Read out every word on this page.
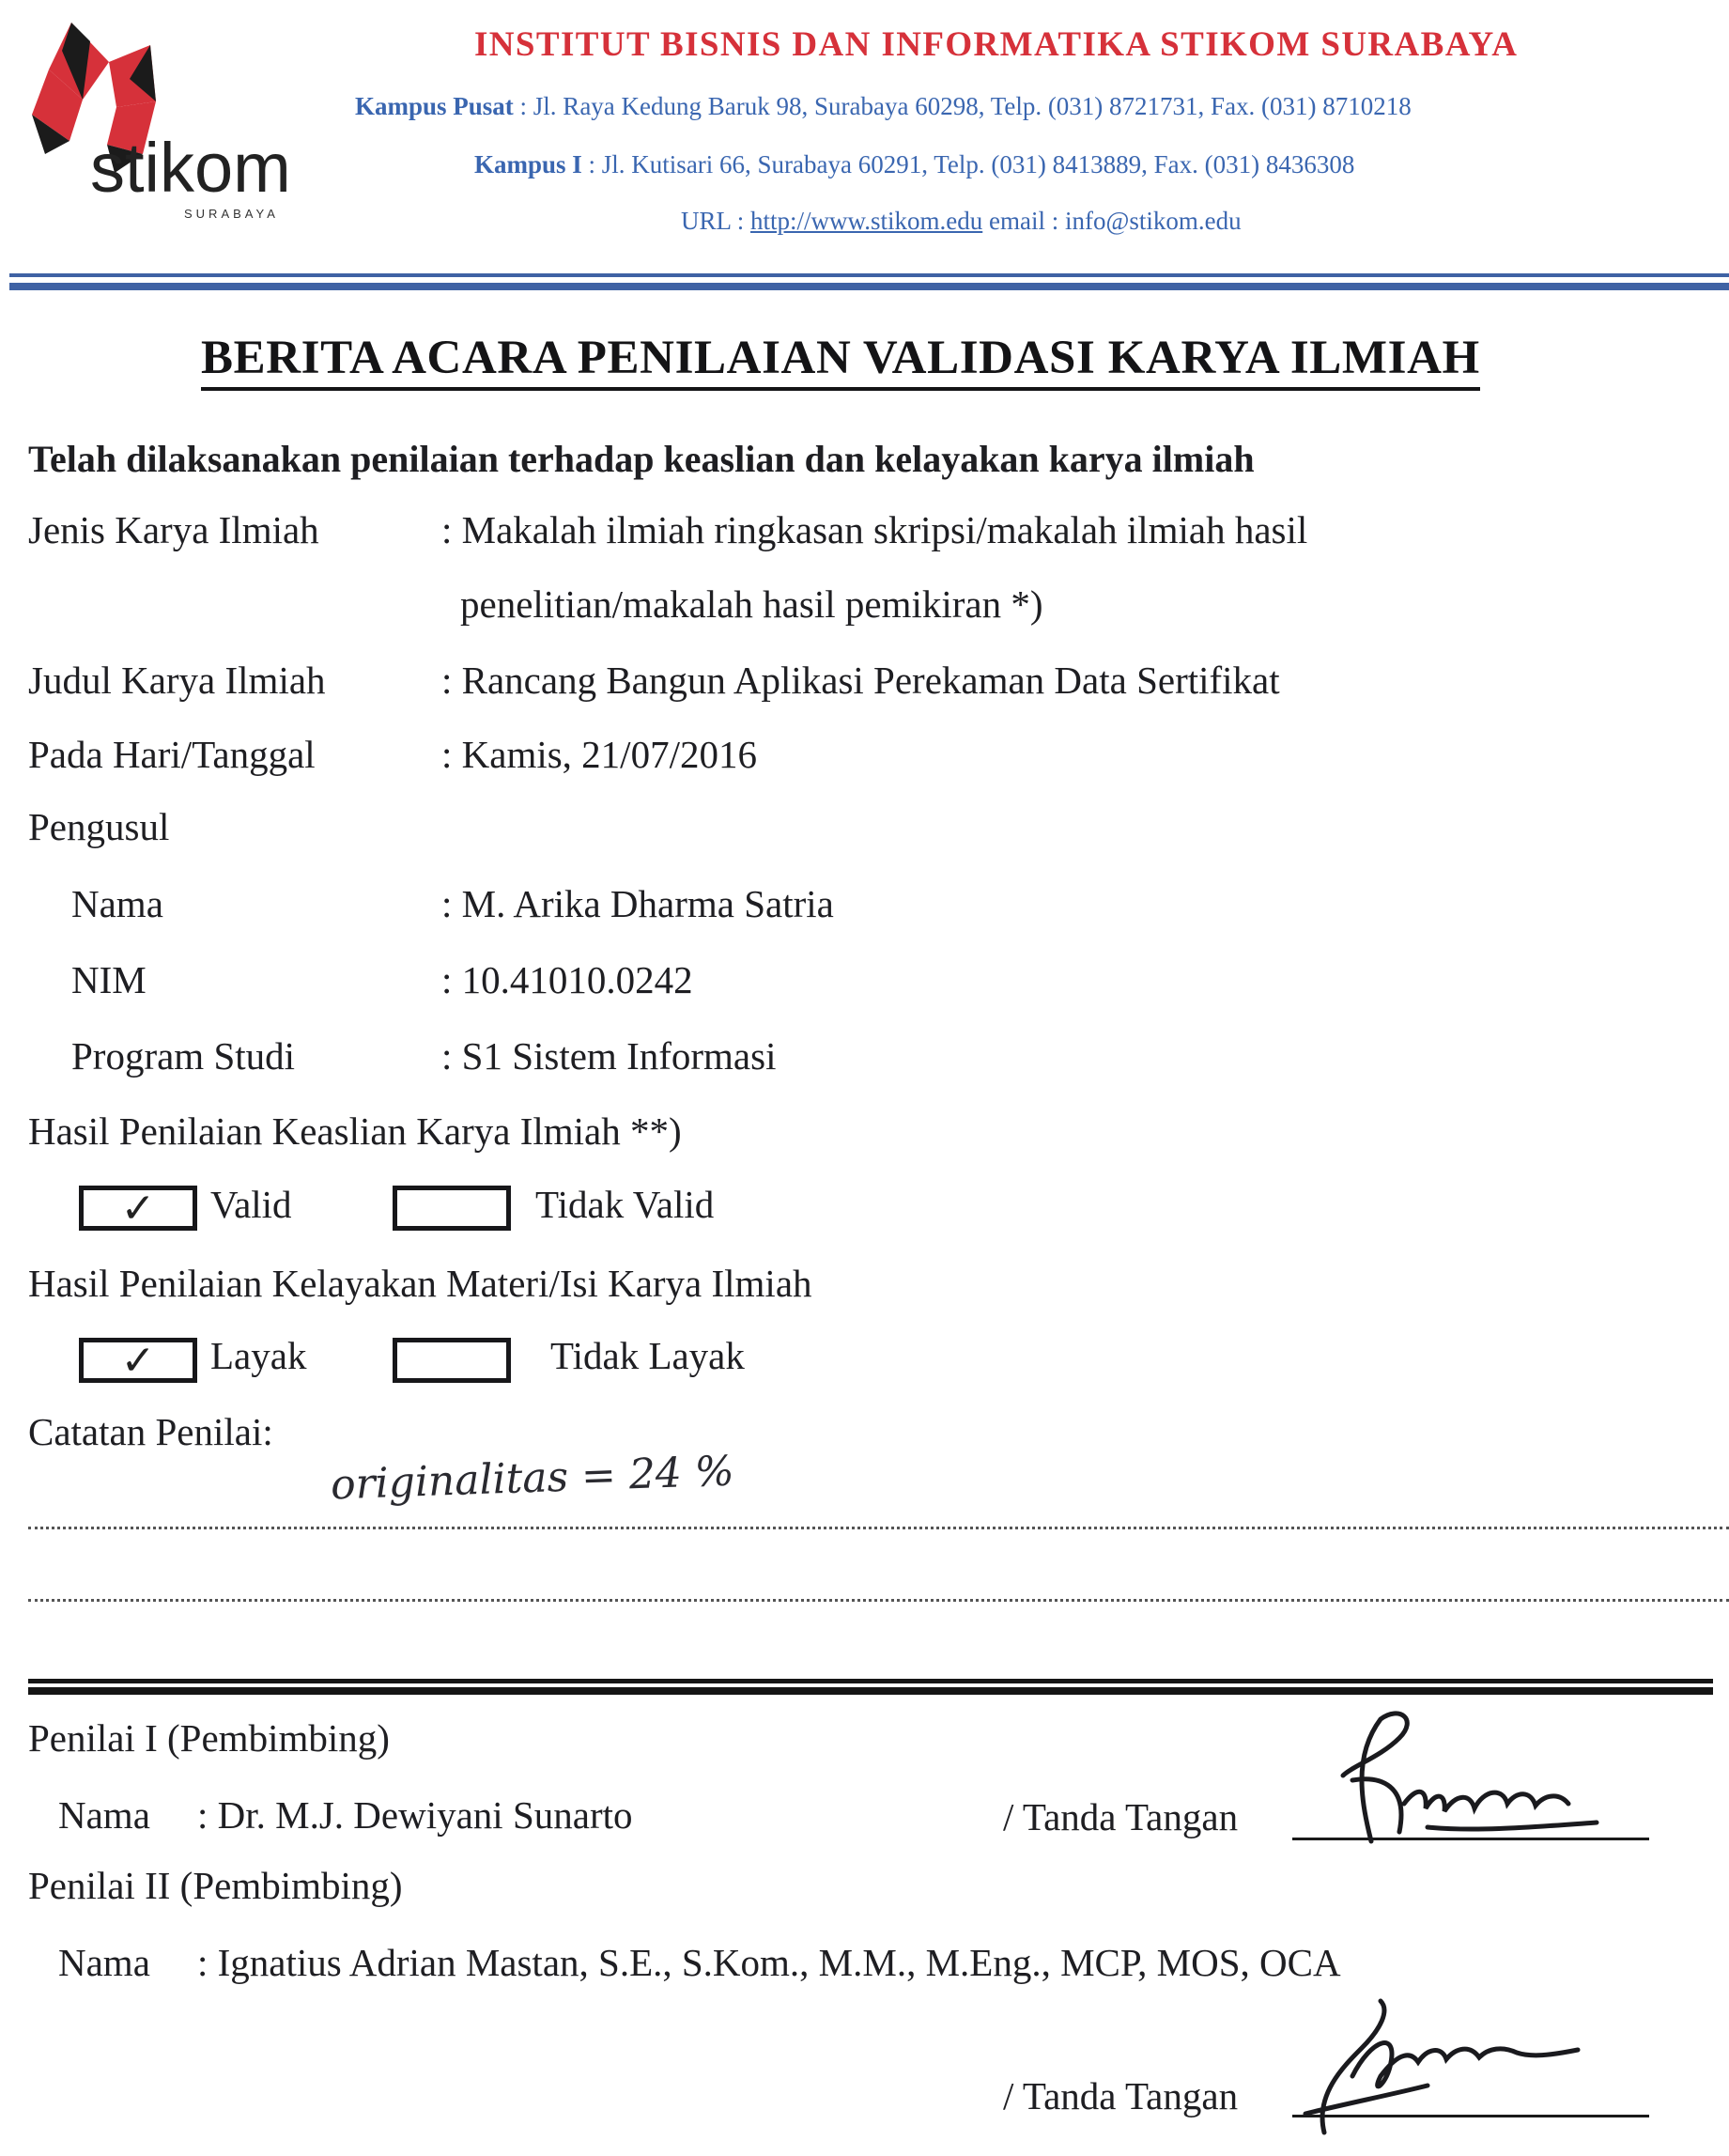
stikom
SURABAYA
INSTITUT BISNIS DAN INFORMATIKA STIKOM SURABAYA
Kampus Pusat : Jl. Raya Kedung Baruk 98, Surabaya 60298, Telp. (031) 8721731, Fax. (031) 8710218
Kampus I : Jl. Kutisari 66, Surabaya 60291, Telp. (031) 8413889, Fax. (031) 8436308
URL : http://www.stikom.edu email : info@stikom.edu
BERITA ACARA PENILAIAN VALIDASI KARYA ILMIAH
Telah dilaksanakan penilaian terhadap keaslian dan kelayakan karya ilmiah
Jenis Karya Ilmiah	: Makalah ilmiah ringkasan skripsi/makalah ilmiah hasil
penelitian/makalah hasil pemikiran *)
Judul Karya Ilmiah	: Rancang Bangun Aplikasi Perekaman Data Sertifikat
Pada Hari/Tanggal	: Kamis, 21/07/2016
Pengusul
Nama	: M. Arika Dharma Satria
NIM	: 10.41010.0242
Program Studi	: S1 Sistem Informasi
Hasil Penilaian Keaslian Karya Ilmiah **)
✓	Valid	Tidak Valid
Hasil Penilaian Kelayakan Materi/Isi Karya Ilmiah
✓	Layak	Tidak Layak
Catatan Penilai:
originalitas = 24 %
Penilai I (Pembimbing)
Nama : Dr. M.J. Dewiyani Sunarto	/ Tanda Tangan
Penilai II (Pembimbing)
Nama : Ignatius Adrian Mastan, S.E., S.Kom., M.M., M.Eng., MCP, MOS, OCA
/ Tanda Tangan
